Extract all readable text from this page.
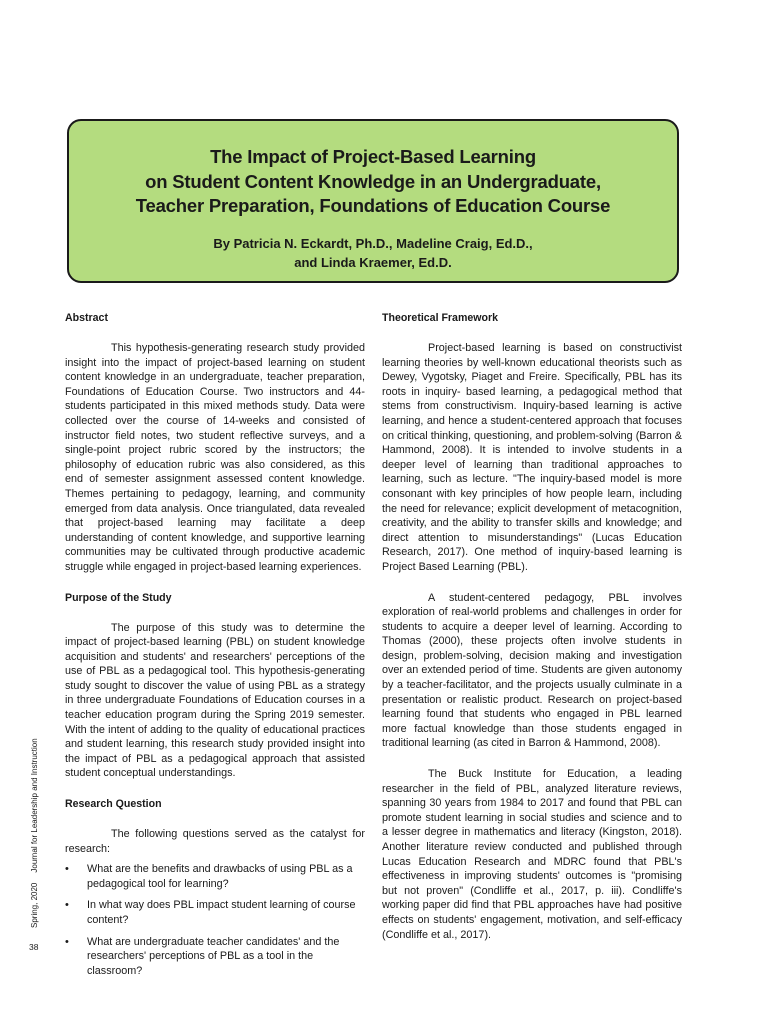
The Impact of Project-Based Learning
on Student Content Knowledge in an Undergraduate,
Teacher Preparation, Foundations of Education Course

By Patricia N. Eckardt, Ph.D., Madeline Craig, Ed.D.,
and Linda Kraemer, Ed.D.

Abstract

This hypothesis-generating research study provided insight into the impact of project-based learning on student content knowledge in an undergraduate, teacher preparation, Foundations of Education Course. Two instructors and 44-students participated in this mixed methods study. Data were collected over the course of 14-weeks and consisted of instructor field notes, two student reflective surveys, and a single-point project rubric scored by the instructors; the philosophy of education rubric was also considered, as this end of semester assignment assessed content knowledge. Themes pertaining to pedagogy, learning, and community emerged from data analysis. Once triangulated, data revealed that project-based learning may facilitate a deep understanding of content knowledge, and supportive learning communities may be cultivated through productive academic struggle while engaged in project-based learning experiences.

Purpose of the Study

The purpose of this study was to determine the impact of project-based learning (PBL) on student knowledge acquisition and students' and researchers' perceptions of the use of PBL as a pedagogical tool. This hypothesis-generating study sought to discover the value of using PBL as a strategy in three undergraduate Foundations of Education courses in a teacher education program during the Spring 2019 semester. With the intent of adding to the quality of educational practices and student learning, this research study provided insight into the impact of PBL as a pedagogical approach that assisted student conceptual understandings.

Research Question

The following questions served as the catalyst for research:

• What are the benefits and drawbacks of using PBL as a pedagogical tool for learning?
• In what way does PBL impact student learning of course content?
• What are undergraduate teacher candidates' and the researchers' perceptions of PBL as a tool in the classroom?
Theoretical Framework

Project-based learning is based on constructivist learning theories by well-known educational theorists such as Dewey, Vygotsky, Piaget and Freire. Specifically, PBL has its roots in inquiry- based learning, a pedagogical method that stems from constructivism. Inquiry-based learning is active learning, and hence a student-centered approach that focuses on critical thinking, questioning, and problem-solving (Barron & Hammond, 2008). It is intended to involve students in a deeper level of learning than traditional approaches to learning, such as lecture. "The inquiry-based model is more consonant with key principles of how people learn, including the need for relevance; explicit development of metacognition, creativity, and the ability to transfer skills and knowledge; and direct attention to misunderstandings" (Lucas Education Research, 2017). One method of inquiry-based learning is Project Based Learning (PBL).

A student-centered pedagogy, PBL involves exploration of real-world problems and challenges in order for students to acquire a deeper level of learning. According to Thomas (2000), these projects often involve students in design, problem-solving, decision making and investigation over an extended period of time. Students are given autonomy by a teacher-facilitator, and the projects usually culminate in a presentation or realistic product. Research on project-based learning found that students who engaged in PBL learned more factual knowledge than those students engaged in traditional learning (as cited in Barron & Hammond, 2008).

The Buck Institute for Education, a leading researcher in the field of PBL, analyzed literature reviews, spanning 30 years from 1984 to 2017 and found that PBL can promote student learning in social studies and science and to a lesser degree in mathematics and literacy (Kingston, 2018). Another literature review conducted and published through Lucas Education Research and MDRC found that PBL's effectiveness in improving students' outcomes is "promising but not proven" (Condliffe et al., 2017, p. iii). Condliffe's working paper did find that PBL approaches have had positive effects on students' engagement, motivation, and self-efficacy (Condliffe et al., 2017).

Spring, 2020Journal for Leadership and Instruction
38
